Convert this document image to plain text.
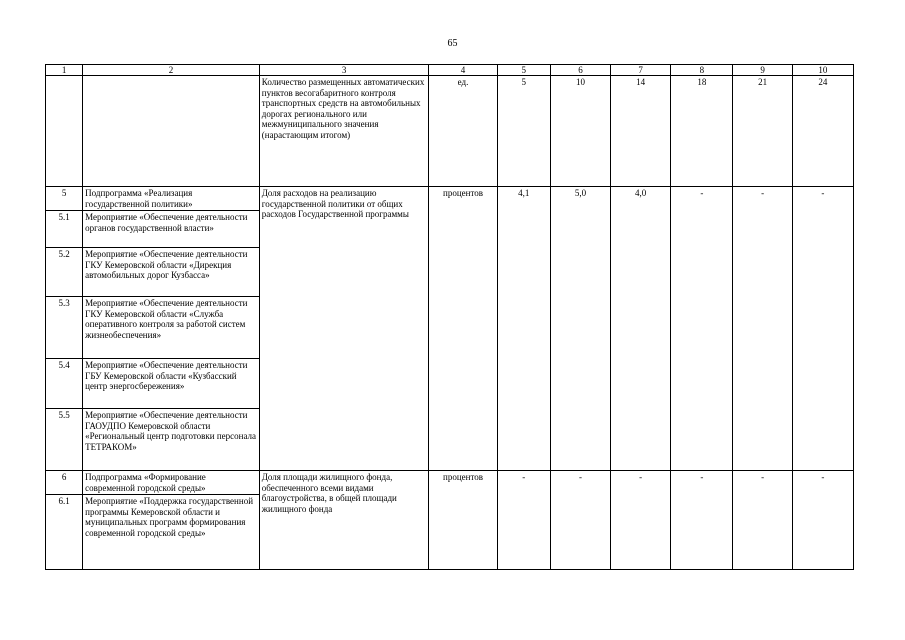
65
1	2	3	4	5	6	7	8	9	10
		Количество размещенных автоматических пунктов весогабаритного контроля транспортных средств на автомобильных дорогах регионального или межмуниципального значения (нарастающим итогом)	ед.	5	10	14	18	21	24
5	Подпрограмма «Реализация государственной политики»	Доля расходов на реализацию государственной политики от общих расходов Государственной программы	процентов	4,1	5,0	4,0	-	-	-
5.1	Мероприятие «Обеспечение деятельности органов государственной власти»								
5.2	Мероприятие «Обеспечение деятельности ГКУ Кемеровской области «Дирекция автомобильных дорог Кузбасса»								
5.3	Мероприятие «Обеспечение деятельности ГКУ Кемеровской области «Служба оперативного контроля за работой систем жизнеобеспечения»								
5.4	Мероприятие «Обеспечение деятельности ГБУ Кемеровской области «Кузбасский центр энергосбережения»								
5.5	Мероприятие «Обеспечение деятельности ГАОУДПО Кемеровской области «Региональный центр подготовки персонала ТЕТРАКОМ»								
6	Подпрограмма «Формирование современной городской среды»	Доля площади жилищного фонда, обеспеченного всеми видами благоустройства, в общей площади жилищного фонда	процентов	-	-	-	-	-	-
6.1	Мероприятие «Поддержка государственной программы Кемеровской области и муниципальных программ формирования современной городской среды»								
